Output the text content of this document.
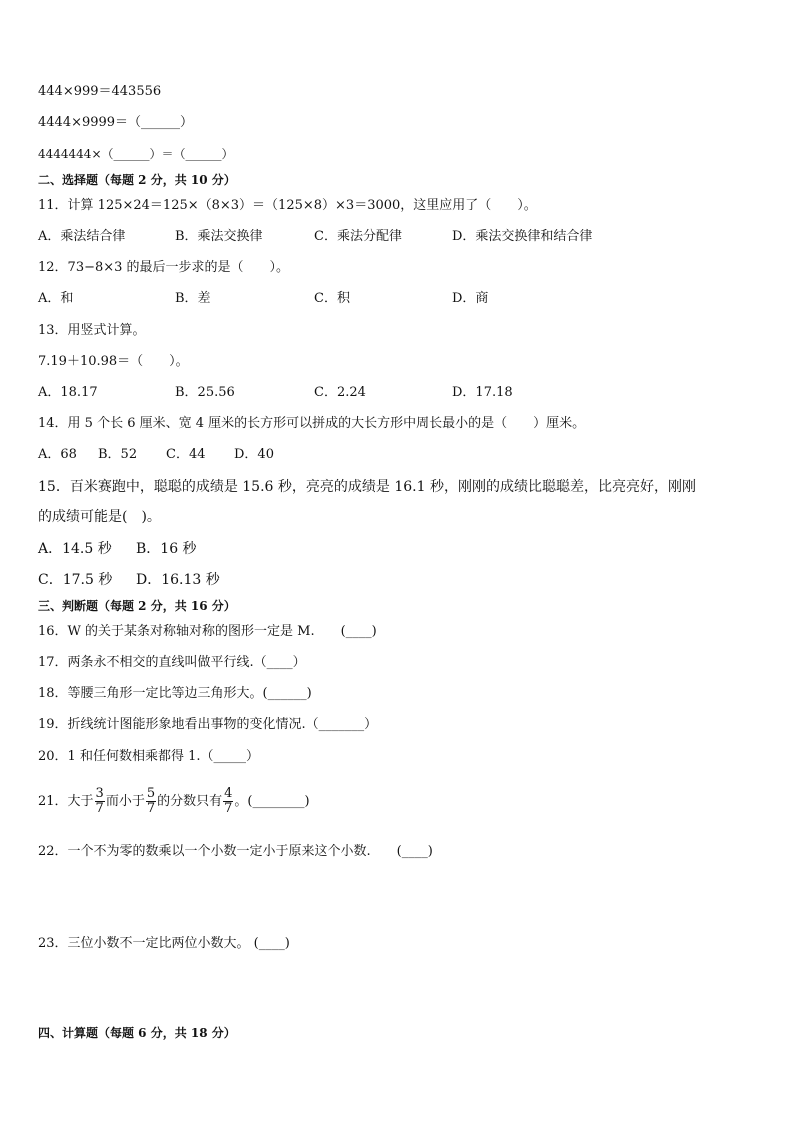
444×999＝443556
4444×9999＝（______）
4444444×（______）＝（______）
二、选择题（每题 2 分，共 10 分）
11．计算 125×24＝125×（8×3）＝（125×8）×3＝3000，这里应用了（　　）。
A．乘法结合律	B．乘法交换律	C．乘法分配律	D．乘法交换律和结合律
12．73−8×3 的最后一步求的是（　　）。
A．和	B．差	C．积	D．商
13．用竖式计算。
7.19＋10.98＝（　　）。
A．18.17	B．25.56	C．2.24	D．17.18
14．用 5 个长 6 厘米、宽 4 厘米的长方形可以拼成的大长方形中周长最小的是（　　）厘米。
A．68 B．52 C．44 D．40
15．百米赛跑中，聪聪的成绩是 15.6 秒，亮亮的成绩是 16.1 秒，刚刚的成绩比聪聪差，比亮亮好，刚刚
的成绩可能是(　)。
A．14.5 秒 B．16 秒
C．17.5 秒 D．16.13 秒
三、判断题（每题 2 分，共 16 分）
16．W 的关于某条对称轴对称的图形一定是 M.　　(____)
17．两条永不相交的直线叫做平行线.（____）
18．等腰三角形一定比等边三角形大。(______)
19．折线统计图能形象地看出事物的变化情况.（_______）
20．1 和任何数相乘都得 1.（_____）
21．大于 $\frac{3}{7}$ 而小于 $\frac{5}{7}$ 的分数只有 $\frac{4}{7}$ 。(________)
22．一个不为零的数乘以一个小数一定小于原来这个小数.　　(____)
23．三位小数不一定比两位小数大。 (____)
四、计算题（每题 6 分，共 18 分）
